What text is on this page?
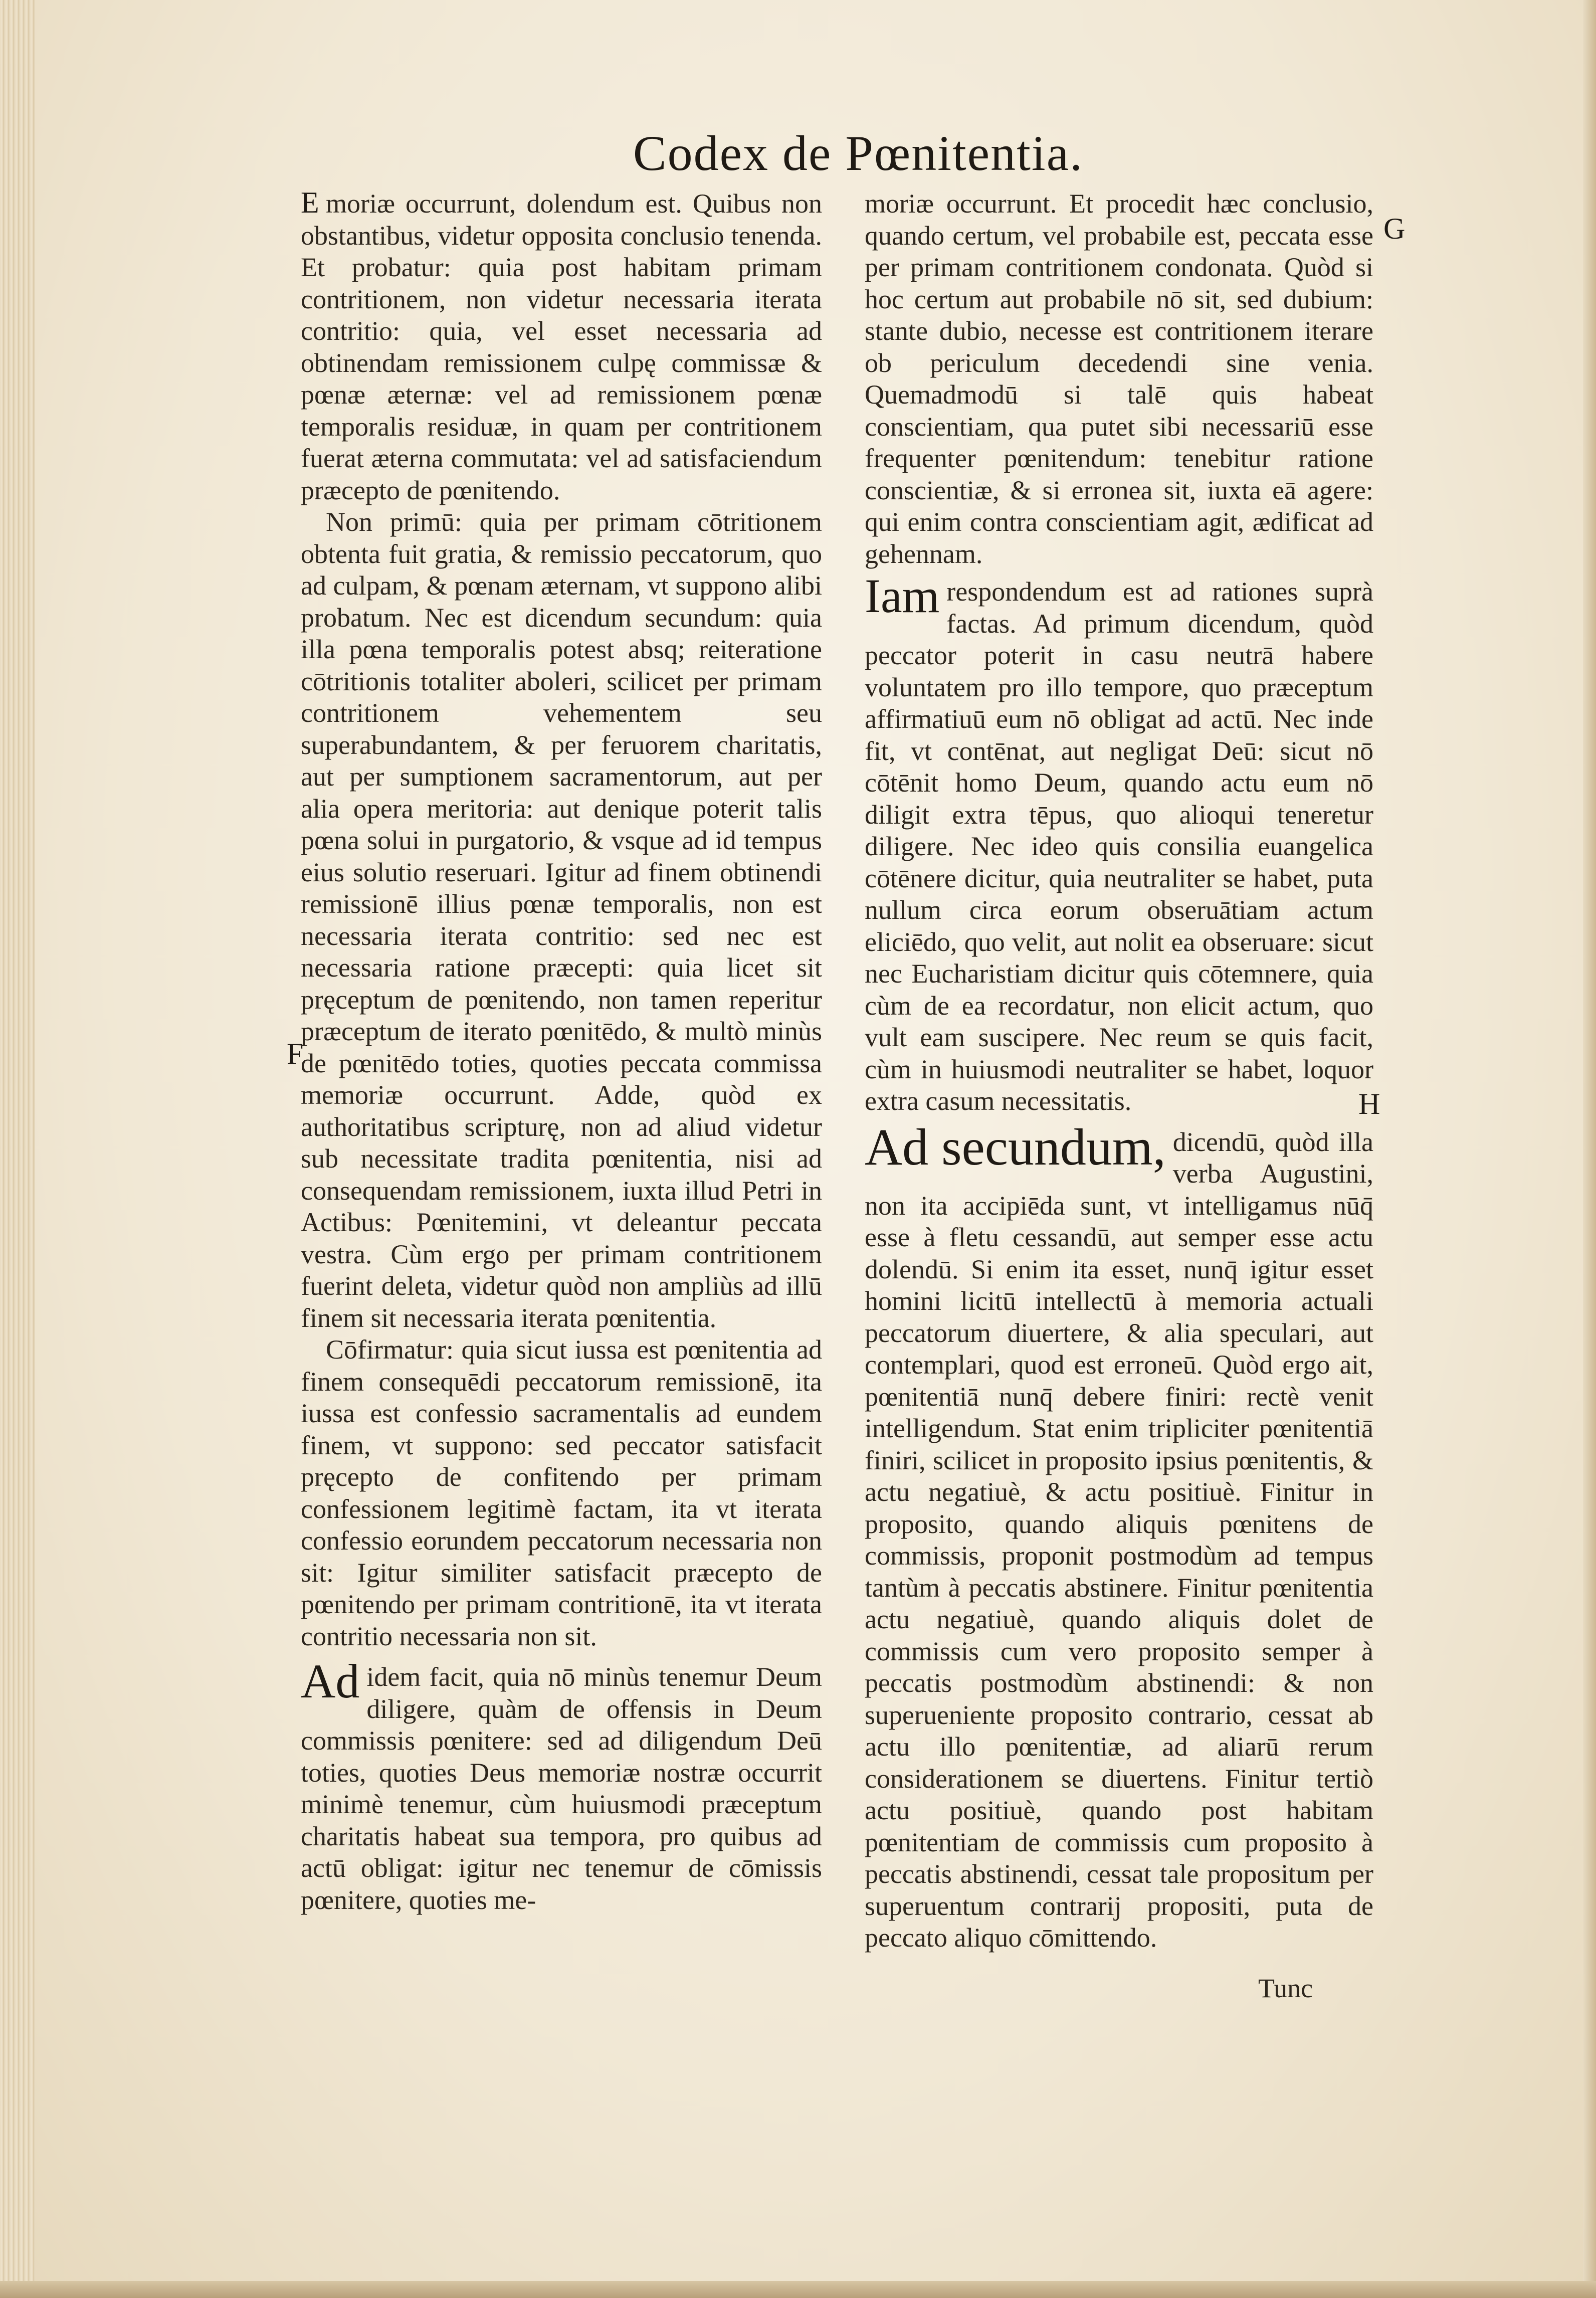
Codex de Pœnitentia.
E
F
G
H

moriæ occurrunt, dolendum est. Quibus non obstantibus, videtur opposita conclusio tenenda. Et probatur: quia post habitam primam contritionem, non videtur necessaria iterata contritio: quia, vel esset necessaria ad obtinendam remissionem culpę commissæ & pœnæ æternæ: vel ad remissionem pœnæ temporalis residuæ, in quam per contritionem fuerat æterna commutata: vel ad satisfaciendum præcepto de pœnitendo.

Non primū: quia per primam cōtritionem obtenta fuit gratia, & remissio peccatorum, quo ad culpam, & pœnam æternam, vt suppono alibi probatum. Nec est dicendum secundum: quia illa pœna temporalis potest absq; reiteratione cōtritionis totaliter aboleri, scilicet per primam contritionem vehementem seu superabundantem, & per feruorem charitatis, aut per sumptionem sacramentorum, aut per alia opera meritoria: aut denique poterit talis pœna solui in purgatorio, & vsque ad id tempus eius solutio reseruari. Igitur ad finem obtinendi remissionē illius pœnæ temporalis, non est necessaria iterata contritio: sed nec est necessaria ratione præcepti: quia licet sit pręceptum de pœnitendo, non tamen reperitur præceptum de iterato pœnitēdo, & multò minùs de pœnitēdo toties, quoties peccata commissa memoriæ occurrunt. Adde, quòd ex authoritatibus scripturę, non ad aliud videtur sub necessitate tradita pœnitentia, nisi ad consequendam remissionem, iuxta illud Petri in Actibus: Pœnitemini, vt deleantur peccata vestra. Cùm ergo per primam contritionem fuerint deleta, videtur quòd non ampliùs ad illū finem sit necessaria iterata pœnitentia.

Cōfirmatur: quia sicut iussa est pœnitentia ad finem consequēdi peccatorum remissionē, ita iussa est confessio sacramentalis ad eundem finem, vt suppono: sed peccator satisfacit pręcepto de confitendo per primam confessionem legitimè factam, ita vt iterata confessio eorundem peccatorum necessaria non sit: Igitur similiter satisfacit præcepto de pœnitendo per primam contritionē, ita vt iterata contritio necessaria non sit.

Ad idem facit, quia nō minùs tenemur Deum diligere, quàm de offensis in Deum commissis pœnitere: sed ad diligendum Deū toties, quoties Deus memoriæ nostræ occurrit minimè tenemur, cùm huiusmodi præceptum charitatis habeat sua tempora, pro quibus ad actū obligat: igitur nec tenemur de cōmissis pœnitere, quoties me-

moriæ occurrunt. Et procedit hæc conclusio, quando certum, vel probabile est, peccata esse per primam contritionem condonata. Quòd si hoc certum aut probabile nō sit, sed dubium: stante dubio, necesse est contritionem iterare ob periculum decedendi sine venia. Quemadmodū si talē quis habeat conscientiam, qua putet sibi necessariū esse frequenter pœnitendum: tenebitur ratione conscientiæ, & si erronea sit, iuxta eā agere: qui enim contra conscientiam agit, ædificat ad gehennam.

Iam respondendum est ad rationes suprà factas. Ad primum dicendum, quòd peccator poterit in casu neutrā habere voluntatem pro illo tempore, quo præceptum affirmatiuū eum nō obligat ad actū. Nec inde fit, vt contēnat, aut negligat Deū: sicut nō cōtēnit homo Deum, quando actu eum nō diligit extra tēpus, quo alioqui teneretur diligere. Nec ideo quis consilia euangelica cōtēnere dicitur, quia neutraliter se habet, puta nullum circa eorum obseruātiam actum eliciēdo, quo velit, aut nolit ea obseruare: sicut nec Eucharistiam dicitur quis cōtemnere, quia cùm de ea recordatur, non elicit actum, quo vult eam suscipere. Nec reum se quis facit, cùm in huiusmodi neutraliter se habet, loquor extra casum necessitatis.

Ad secundum, dicendū, quòd illa verba Augustini, non ita accipiēda sunt, vt intelligamus nūq̄ esse à fletu cessandū, aut semper esse actu dolendū. Si enim ita esset, nunq̄ igitur esset homini licitū intellectū à memoria actuali peccatorum diuertere, & alia speculari, aut contemplari, quod est erroneū. Quòd ergo ait, pœnitentiā nunq̄ debere finiri: rectè venit intelligendum. Stat enim tripliciter pœnitentiā finiri, scilicet in proposito ipsius pœnitentis, & actu negatiuè, & actu positiuè. Finitur in proposito, quando aliquis pœnitens de commissis, proponit postmodùm ad tempus tantùm à peccatis abstinere. Finitur pœnitentia actu negatiuè, quando aliquis dolet de commissis cum vero proposito semper à peccatis postmodùm abstinendi: & non superueniente proposito contrario, cessat ab actu illo pœnitentiæ, ad aliarū rerum considerationem se diuertens. Finitur tertiò actu positiuè, quando post habitam pœnitentiam de commissis cum proposito à peccatis abstinendi, cessat tale propositum per superuentum contrarij propositi, puta de peccato aliquo cōmittendo.

Tunc
